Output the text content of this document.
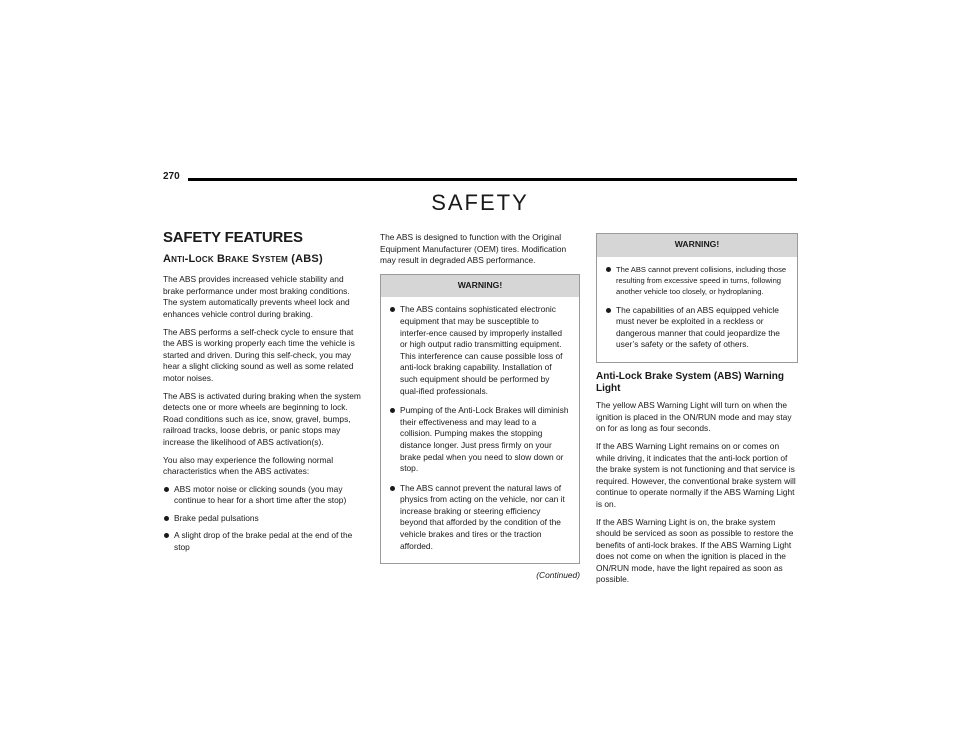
270
SAFETY
SAFETY FEATURES
Anti-Lock Brake System (ABS)

The ABS provides increased vehicle stability and brake performance under most braking conditions. The system automatically prevents wheel lock and enhances vehicle control during braking.

The ABS performs a self-check cycle to ensure that the ABS is working properly each time the vehicle is started and driven. During this self-check, you may hear a slight clicking sound as well as some related motor noises.

The ABS is activated during braking when the system detects one or more wheels are beginning to lock. Road conditions such as ice, snow, gravel, bumps, railroad tracks, loose debris, or panic stops may increase the likelihood of ABS activation(s).

You also may experience the following normal characteristics when the ABS activates:

ABS motor noise or clicking sounds (you may continue to hear for a short time after the stop)
Brake pedal pulsations
A slight drop of the brake pedal at the end of the stop

The ABS is designed to function with the Original Equipment Manufacturer (OEM) tires. Modification may result in degraded ABS performance.

WARNING!
The ABS contains sophisticated electronic equipment that may be susceptible to interfer-ence caused by improperly installed or high output radio transmitting equipment. This interference can cause possible loss of anti-lock braking capability. Installation of such equipment should be performed by qual-ified professionals.
Pumping of the Anti-Lock Brakes will diminish their effectiveness and may lead to a collision. Pumping makes the stopping distance longer. Just press firmly on your brake pedal when you need to slow down or stop.
The ABS cannot prevent the natural laws of physics from acting on the vehicle, nor can it increase braking or steering efficiency beyond that afforded by the condition of the vehicle brakes and tires or the traction afforded.
(Continued)
WARNING!
The ABS cannot prevent collisions, including those resulting from excessive speed in turns, following another vehicle too closely, or hydroplaning.
The capabilities of an ABS equipped vehicle must never be exploited in a reckless or dangerous manner that could jeopardize the user’s safety or the safety of others.
Anti-Lock Brake System (ABS) Warning Light

The yellow ABS Warning Light will turn on when the ignition is placed in the ON/RUN mode and may stay on for as long as four seconds.

If the ABS Warning Light remains on or comes on while driving, it indicates that the anti-lock portion of the brake system is not functioning and that service is required. However, the conventional brake system will continue to operate normally if the ABS Warning Light is on.

If the ABS Warning Light is on, the brake system should be serviced as soon as possible to restore the benefits of anti-lock brakes. If the ABS Warning Light does not come on when the ignition is placed in the ON/RUN mode, have the light repaired as soon as possible.
